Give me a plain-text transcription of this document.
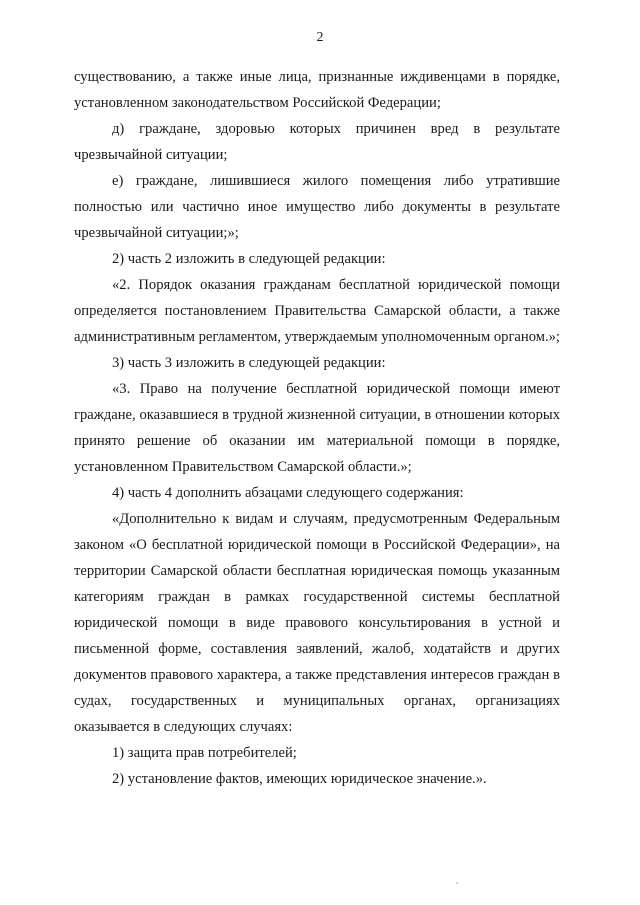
2

существованию, а также иные лица, признанные иждивенцами в порядке, установленном законодательством Российской Федерации;

д) граждане, здоровью которых причинен вред в результате чрезвычайной ситуации;

е) граждане, лишившиеся жилого помещения либо утратившие полностью или частично иное имущество либо документы в результате чрезвычайной ситуации;»;

2) часть 2 изложить в следующей редакции:

«2. Порядок оказания гражданам бесплатной юридической помощи определяется постановлением Правительства Самарской области, а также административным регламентом, утверждаемым уполномоченным органом.»;

3) часть 3 изложить в следующей редакции:

«3. Право на получение бесплатной юридической помощи имеют граждане, оказавшиеся в трудной жизненной ситуации, в отношении которых принято решение об оказании им материальной помощи в порядке, установленном Правительством Самарской области.»;

4) часть 4 дополнить абзацами следующего содержания:

«Дополнительно к видам и случаям, предусмотренным Федеральным законом «О бесплатной юридической помощи в Российской Федерации», на территории Самарской области бесплатная юридическая помощь указанным категориям граждан в рамках государственной системы бесплатной юридической помощи в виде правового консультирования в устной и письменной форме, составления заявлений, жалоб, ходатайств и других документов правового характера, а также представления интересов граждан в судах, государственных и муниципальных органах, организациях оказывается в следующих случаях:

1) защита прав потребителей;

2) установление фактов, имеющих юридическое значение.».
